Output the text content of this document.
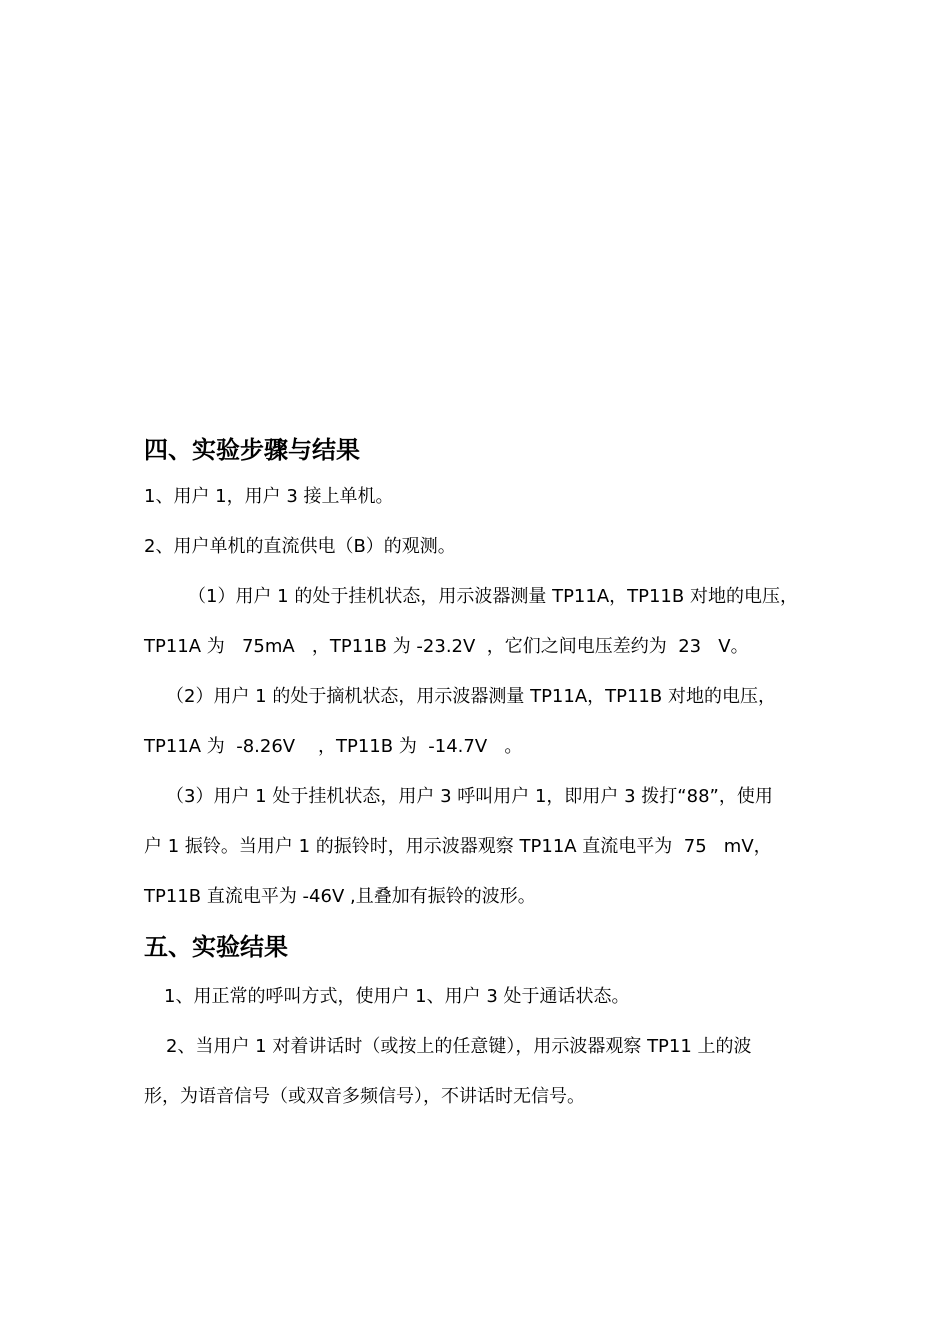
四、实验步骤与结果

1、用户 1，用户 3 接上单机。

2、用户单机的直流供电（B）的观测。

（1）用户 1 的处于挂机状态，用示波器测量 TP11A，TP11B 对地的电压，

TP11A 为   75mA   ，TP11B 为 -23.2V  ，它们之间电压差约为  23   V。

（2）用户 1 的处于摘机状态，用示波器测量 TP11A，TP11B 对地的电压，

TP11A 为  -8.26V    ，TP11B 为  -14.7V   。

（3）用户 1 处于挂机状态，用户 3 呼叫用户 1，即用户 3 拨打“88”，使用

户 1 振铃。当用户 1 的振铃时，用示波器观察 TP11A 直流电平为  75   mV，

TP11B 直流电平为 -46V ,且叠加有振铃的波形。

五、实验结果

1、用正常的呼叫方式，使用户 1、用户 3 处于通话状态。

2、当用户 1 对着讲话时（或按上的任意键），用示波器观察 TP11 上的波

形，为语音信号（或双音多频信号），不讲话时无信号。
